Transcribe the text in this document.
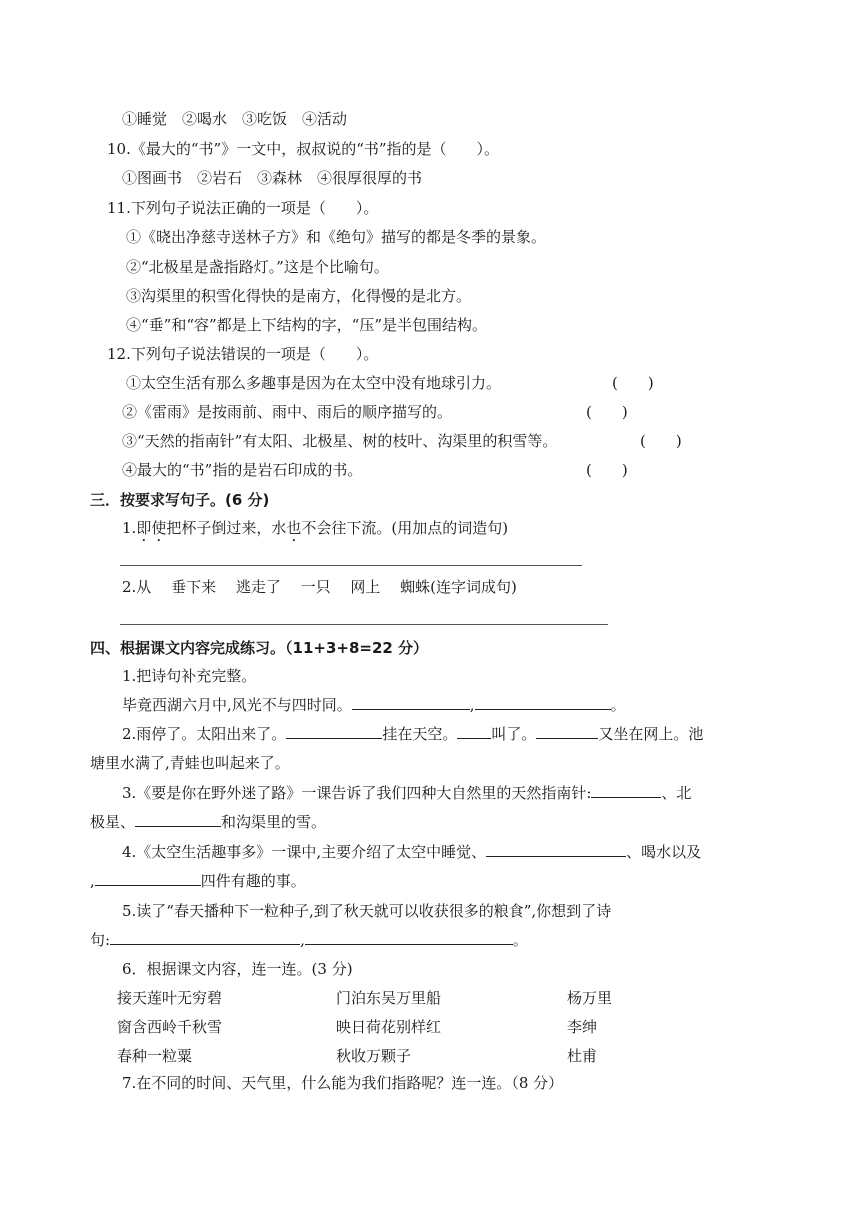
①睡觉　②喝水　③吃饭　④活动
10.《最大的“书”》一文中，叔叔说的“书”指的是（　　）。
①图画书　②岩石　③森林　④很厚很厚的书
11.下列句子说法正确的一项是（　　）。
①《晓出净慈寺送林子方》和《绝句》描写的都是冬季的景象。
②“北极星是盏指路灯。”这是个比喻句。
③沟渠里的积雪化得快的是南方，化得慢的是北方。
④“垂”和“容”都是上下结构的字，“压”是半包围结构。
12.下列句子说法错误的一项是（　　）。
①太空生活有那么多趣事是因为在太空中没有地球引力。	(　　)
②《雷雨》是按雨前、雨中、雨后的顺序描写的。	(　　)
③“天然的指南针”有太阳、北极星、树的枝叶、沟渠里的积雪等。	(　　)
④最大的“书”指的是岩石印成的书。	(　　)
三．按要求写句子。(6 分)
1.即使把杯子倒过来，水也不会往下流。(用加点的词造句)
2.从　 垂下来　 逃走了　 一只　 网上　 蜘蛛(连字词成句)
四、根据课文内容完成练习。（11+3+8=22 分）
1.把诗句补充完整。
毕竟西湖六月中,风光不与四时同。	,	。
2.雨停了。太阳出来了。	挂在天空。 叫了。	又坐在网上。池
塘里水满了,青蛙也叫起来了。
3.《要是你在野外迷了路》一课告诉了我们四种大自然里的天然指南针:	、北
极星、	和沟渠里的雪。
4.《太空生活趣事多》一课中,主要介绍了太空中睡觉、	、喝水以及
,	四件有趣的事。
5.读了“春天播种下一粒种子,到了秋天就可以收获很多的粮食”,你想到了诗
句:	,	。
6．根据课文内容，连一连。(3 分)
接天莲叶无穷碧	门泊东吴万里船	杨万里
窗含西岭千秋雪	映日荷花别样红	李绅
春种一粒粟	秋收万颗子	杜甫
7.在不同的时间、天气里，什么能为我们指路呢？连一连。（8 分）
